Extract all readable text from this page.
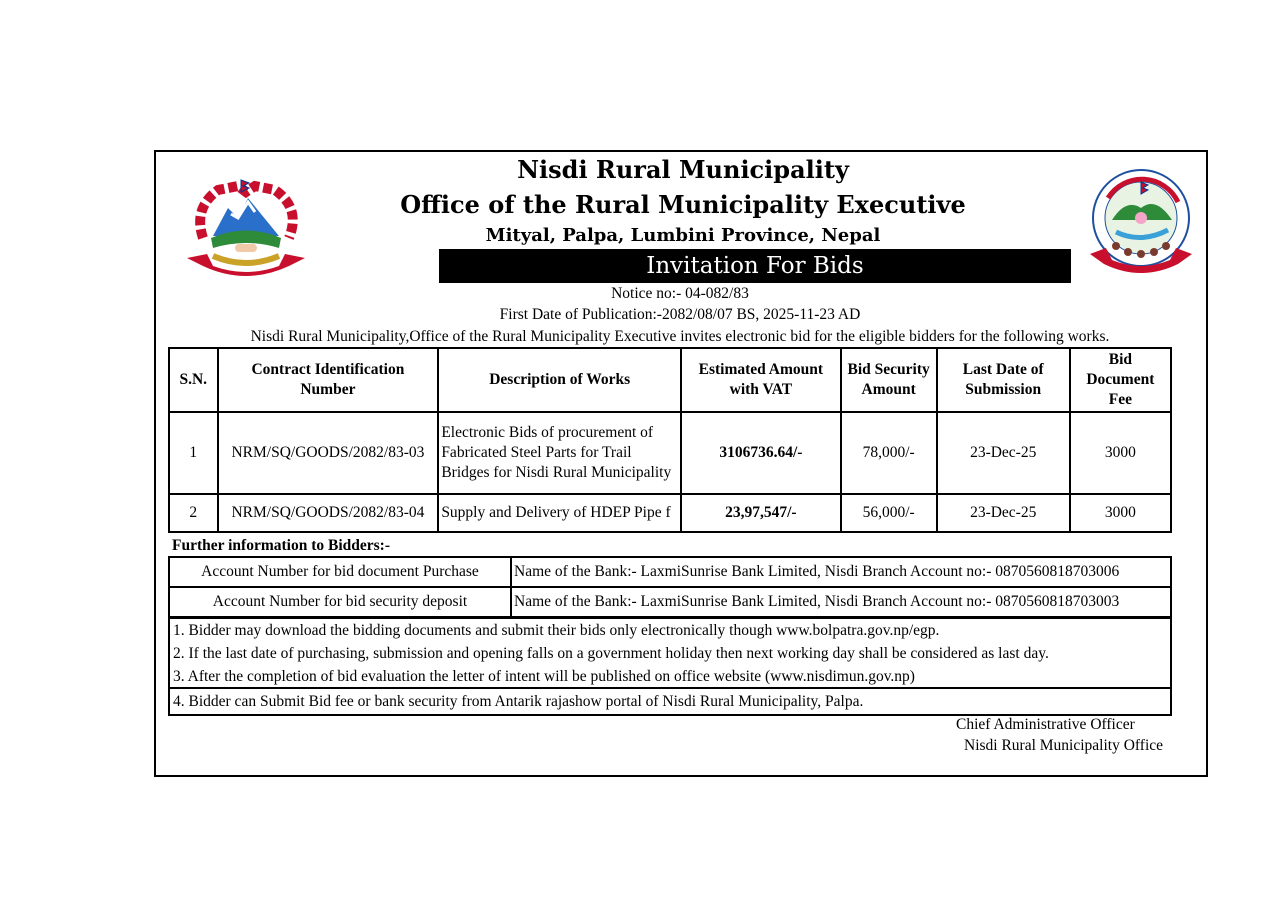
Nisdi Rural Municipality
Office of the Rural Municipality Executive
Mityal, Palpa, Lumbini Province, Nepal
Invitation For Bids
Notice no:- 04-082/83
First Date of Publication:-2082/08/07 BS, 2025-11-23 AD
Nisdi Rural Municipality,Office of the Rural Municipality Executive invites electronic bid for the eligible bidders for the following works.
S.N.	Contract Identification Number	Description of Works	Estimated Amount with VAT	Bid Security Amount	Last Date of Submission	Bid Document Fee
1	NRM/SQ/GOODS/2082/83-03	Electronic Bids of procurement of
Fabricated Steel Parts for Trail
Bridges for Nisdi Rural Municipality	3106736.64/-	78,000/-	23-Dec-25	3000
2	NRM/SQ/GOODS/2082/83-04	Supply and Delivery of HDEP Pipe f	23,97,547/-	56,000/-	23-Dec-25	3000
Further information to Bidders:-
Account Number for bid document Purchase	Name of the Bank:- LaxmiSunrise Bank Limited, Nisdi Branch Account no:- 0870560818703006
Account Number for bid security deposit	Name of the Bank:- LaxmiSunrise Bank Limited, Nisdi Branch Account no:- 0870560818703003
1. Bidder may download the bidding documents and submit their bids only electronically though www.bolpatra.gov.np/egp.
2. If the last date of purchasing, submission and opening falls on a government holiday then next working day shall be considered as last day.
3. After the completion of bid evaluation the letter of intent will be published on office website (www.nisdimun.gov.np)
4. Bidder can Submit Bid fee or bank security from Antarik rajashow portal of Nisdi Rural Municipality, Palpa.
Chief Administrative Officer
Nisdi Rural Municipality Office
